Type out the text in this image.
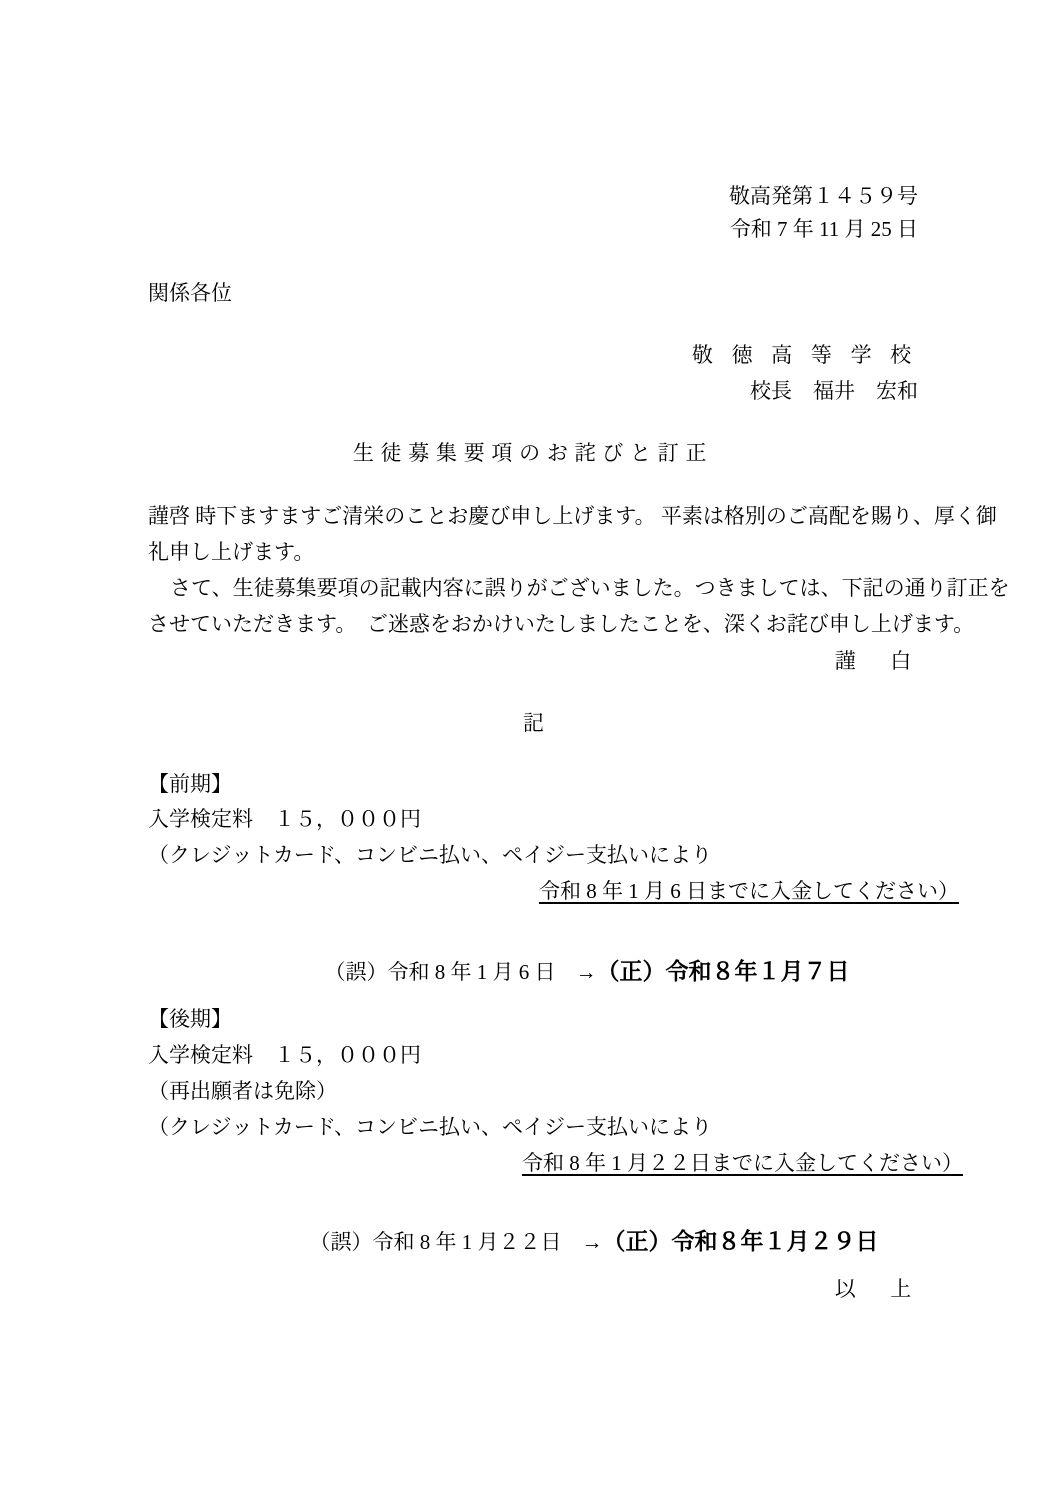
敬高発第１４５９号
令和 7 年 11 月 25 日
関係各位
敬 徳 高 等 学 校
校長　福井　宏和
生徒募集要項のお詫びと訂正
謹啓 時下ますますご清栄のことお慶び申し上げます。 平素は格別のご高配を賜り、厚く御
礼申し上げます。
さて、生徒募集要項の記載内容に誤りがございました。つきましては、下記の通り訂正を
させていただきます。　ご迷惑をおかけいたしましたことを、深くお詫び申し上げます。
謹　白
記
【前期】
入学検定料　１５，０００円
（クレジットカード、コンビニ払い、ペイジー支払いにより
令和 8 年 1 月 6 日までに入金してください）

（誤）令和 8 年 1 月 6 日 →（正）令和８年１月７日

【後期】
入学検定料　１５，０００円
（再出願者は免除）
（クレジットカード、コンビニ払い、ペイジー支払いにより
令和 8 年 1 月２２日までに入金してください）

（誤）令和 8 年 1 月２２日 →（正）令和８年１月２９日

以　上
